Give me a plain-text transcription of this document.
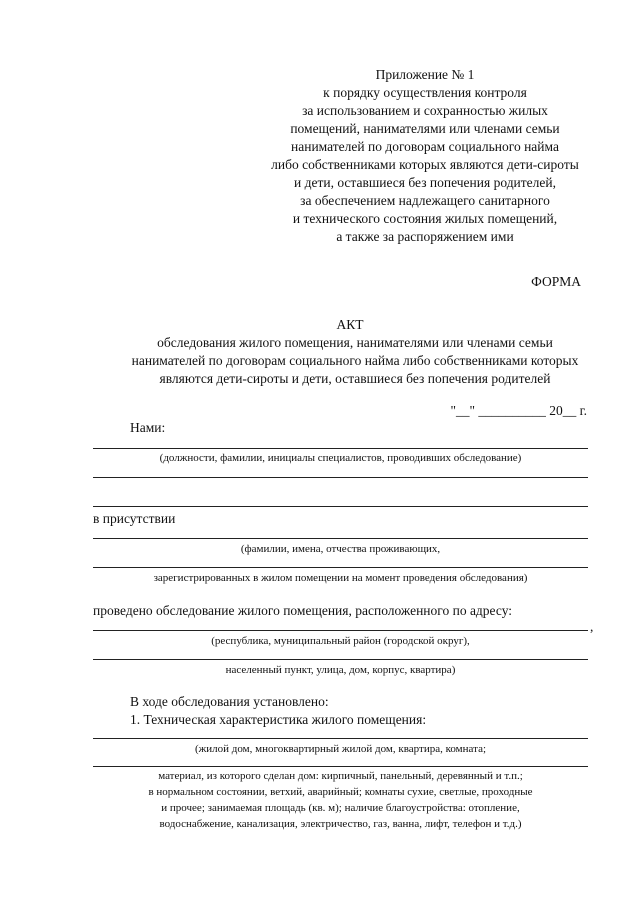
Приложение № 1
к порядку осуществления контроля
за использованием и сохранностью жилых
помещений, нанимателями или членами семьи
нанимателей по договорам социального найма
либо собственниками которых являются дети-сироты
и дети, оставшиеся без попечения родителей,
за обеспечением надлежащего санитарного
и технического состояния жилых помещений,
а также за распоряжением ими
ФОРМА
АКТ
обследования жилого помещения, нанимателями или членами семьи
нанимателей по договорам социального найма либо собственниками которых
являются дети-сироты и дети, оставшиеся без попечения родителей
"__" __________ 20__ г.
Нами:
(должности, фамилии, инициалы специалистов, проводивших обследование)
в присутствии
(фамилии, имена, отчества проживающих,
зарегистрированных в жилом помещении на момент проведения обследования)
проведено обследование жилого помещения, расположенного по адресу:
,
(республика, муниципальный район (городской округ),
населенный пункт, улица, дом, корпус, квартира)
В ходе обследования установлено:
1. Техническая характеристика жилого помещения:
(жилой дом, многоквартирный жилой дом, квартира, комната;
материал, из которого сделан дом: кирпичный, панельный, деревянный и т.п.;
в нормальном состоянии, ветхий, аварийный; комнаты сухие, светлые, проходные
и прочее; занимаемая площадь (кв. м); наличие благоустройства: отопление,
водоснабжение, канализация, электричество, газ, ванна, лифт, телефон и т.д.)
